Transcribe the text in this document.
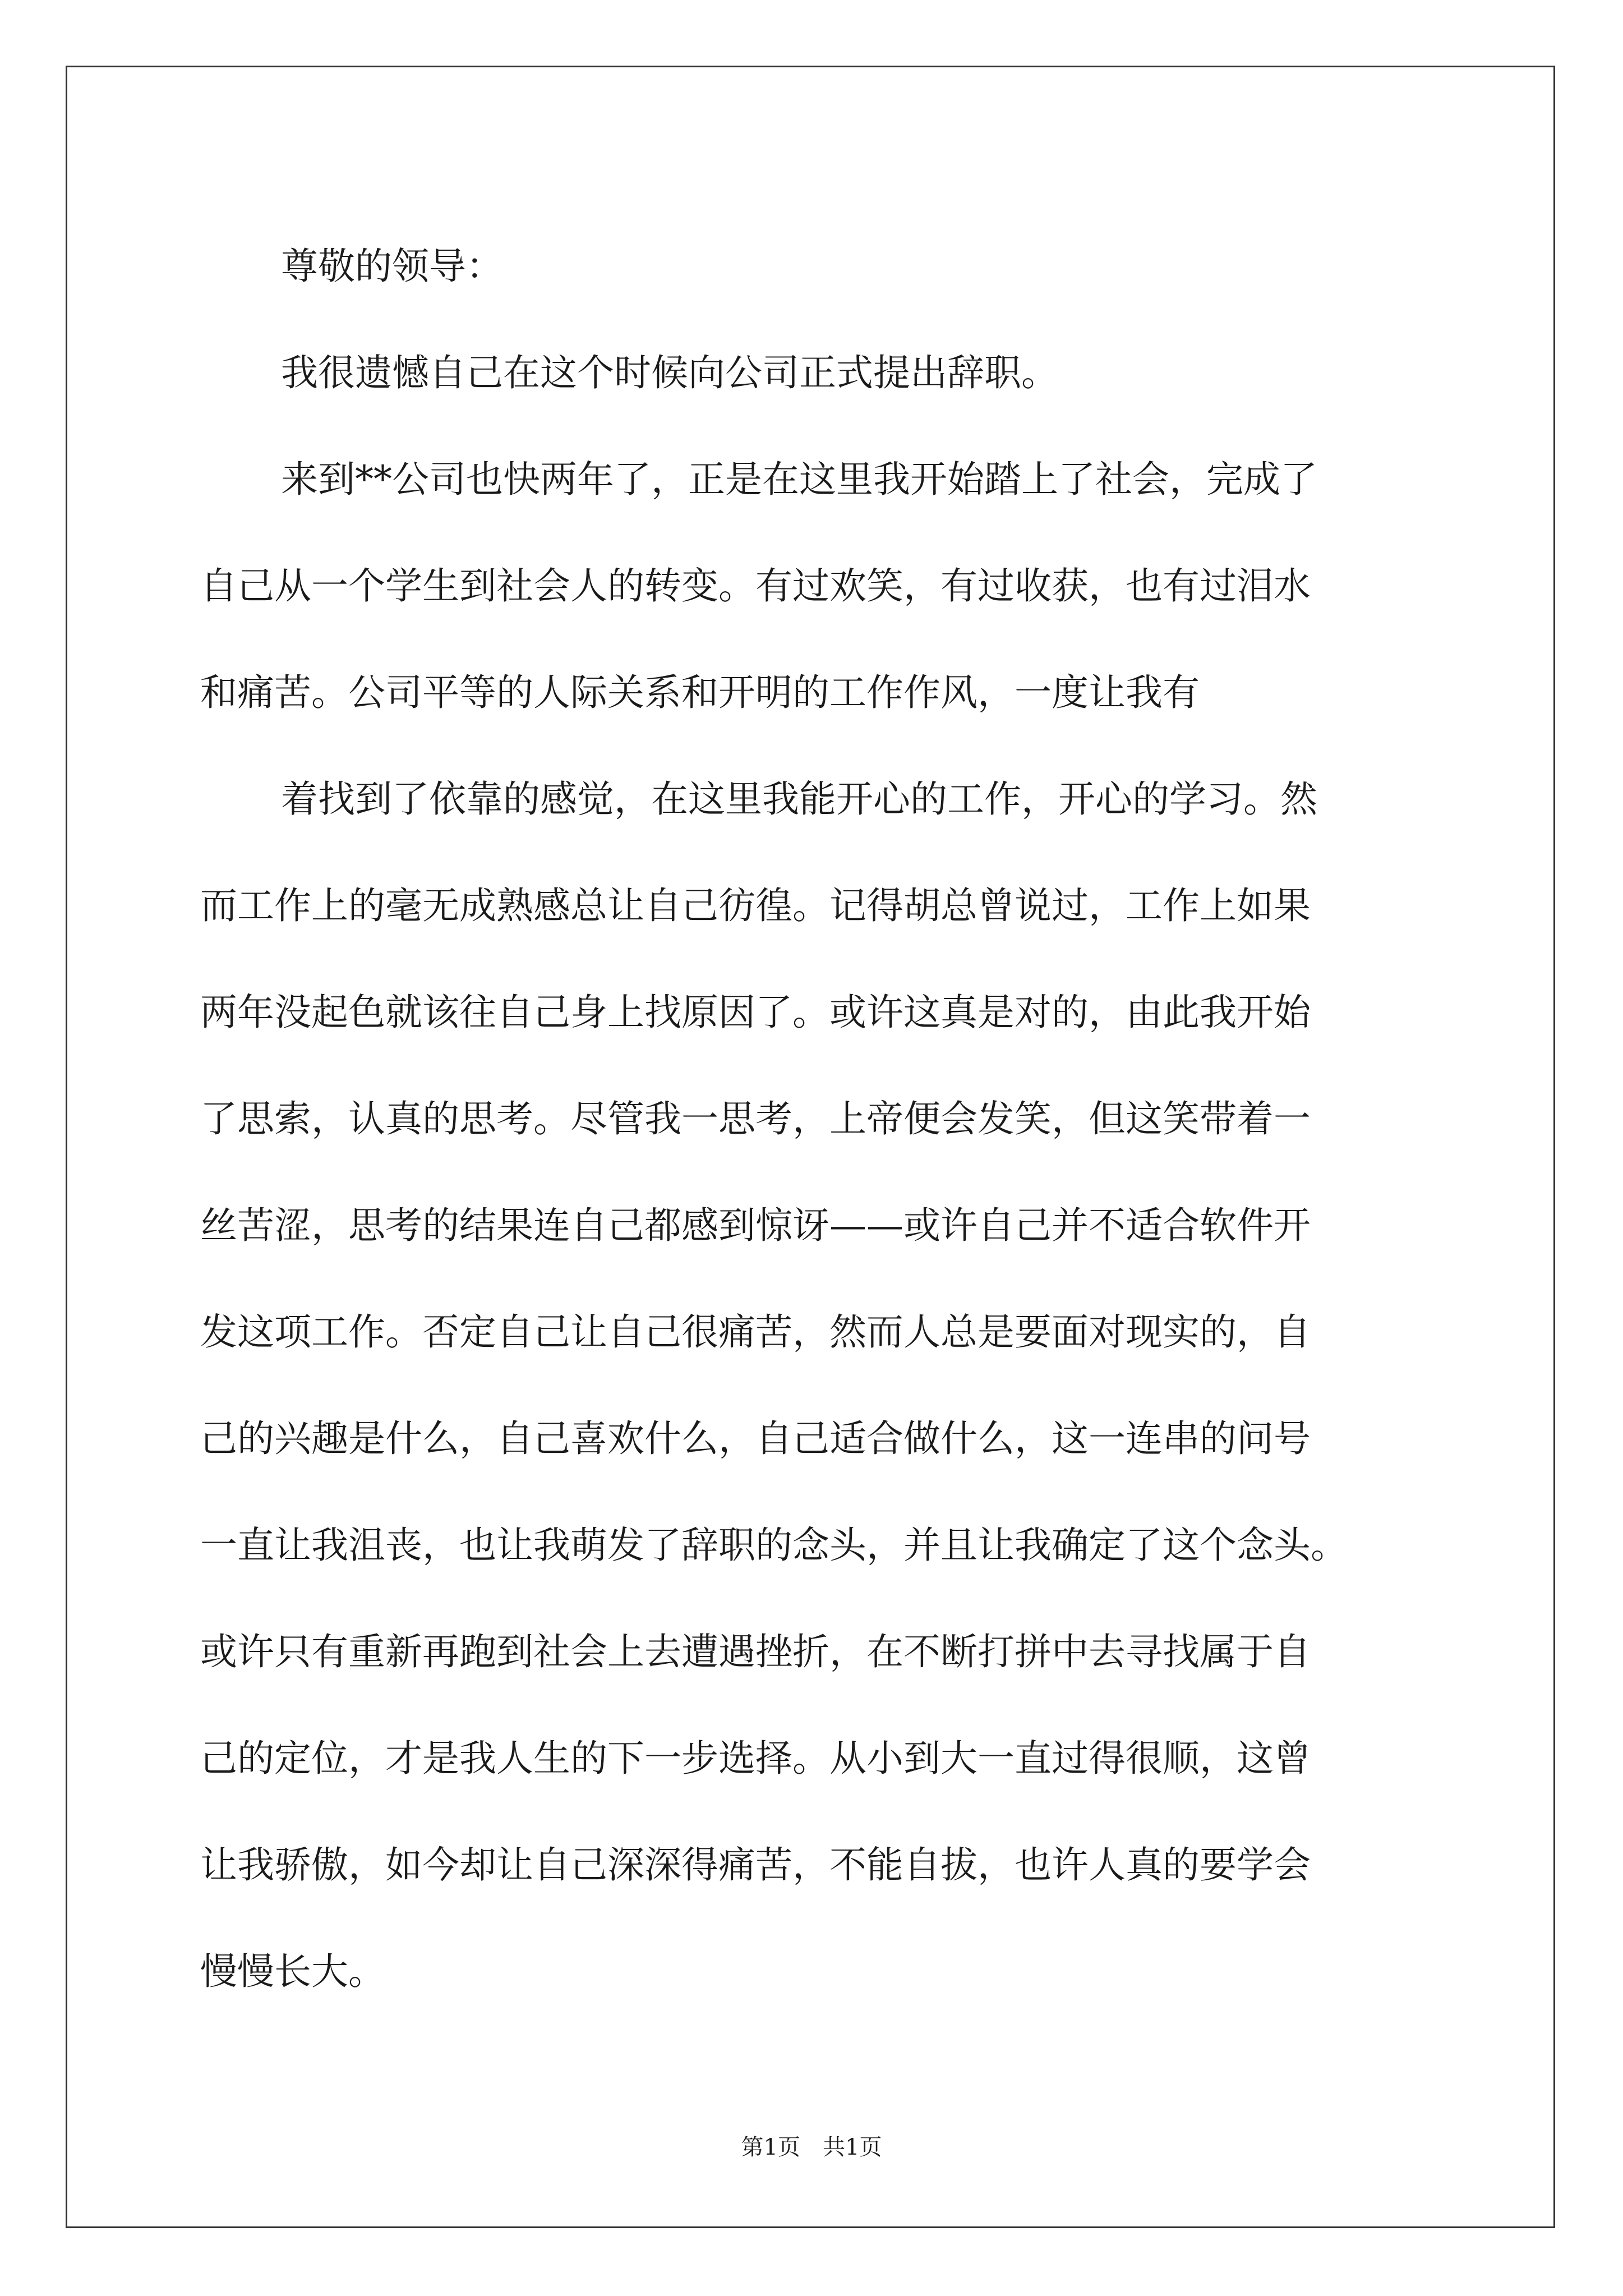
尊敬的领导：
我很遗憾自己在这个时候向公司正式提出辞职。
来到**公司也快两年了，正是在这里我开始踏上了社会，完成了
自己从一个学生到社会人的转变。有过欢笑，有过收获，也有过泪水
和痛苦。公司平等的人际关系和开明的工作作风，一度让我有
着找到了依靠的感觉，在这里我能开心的工作，开心的学习。然
而工作上的毫无成熟感总让自己彷徨。记得胡总曾说过，工作上如果
两年没起色就该往自己身上找原因了。或许这真是对的，由此我开始
了思索，认真的思考。尽管我一思考，上帝便会发笑，但这笑带着一
丝苦涩，思考的结果连自己都感到惊讶——或许自己并不适合软件开
发这项工作。否定自己让自己很痛苦，然而人总是要面对现实的，自
己的兴趣是什么，自己喜欢什么，自己适合做什么，这一连串的问号
一直让我沮丧，也让我萌发了辞职的念头，并且让我确定了这个念头。
或许只有重新再跑到社会上去遭遇挫折，在不断打拼中去寻找属于自
己的定位，才是我人生的下一步选择。从小到大一直过得很顺，这曾
让我骄傲，如今却让自己深深得痛苦，不能自拔，也许人真的要学会
慢慢长大。
第1页　共1页
